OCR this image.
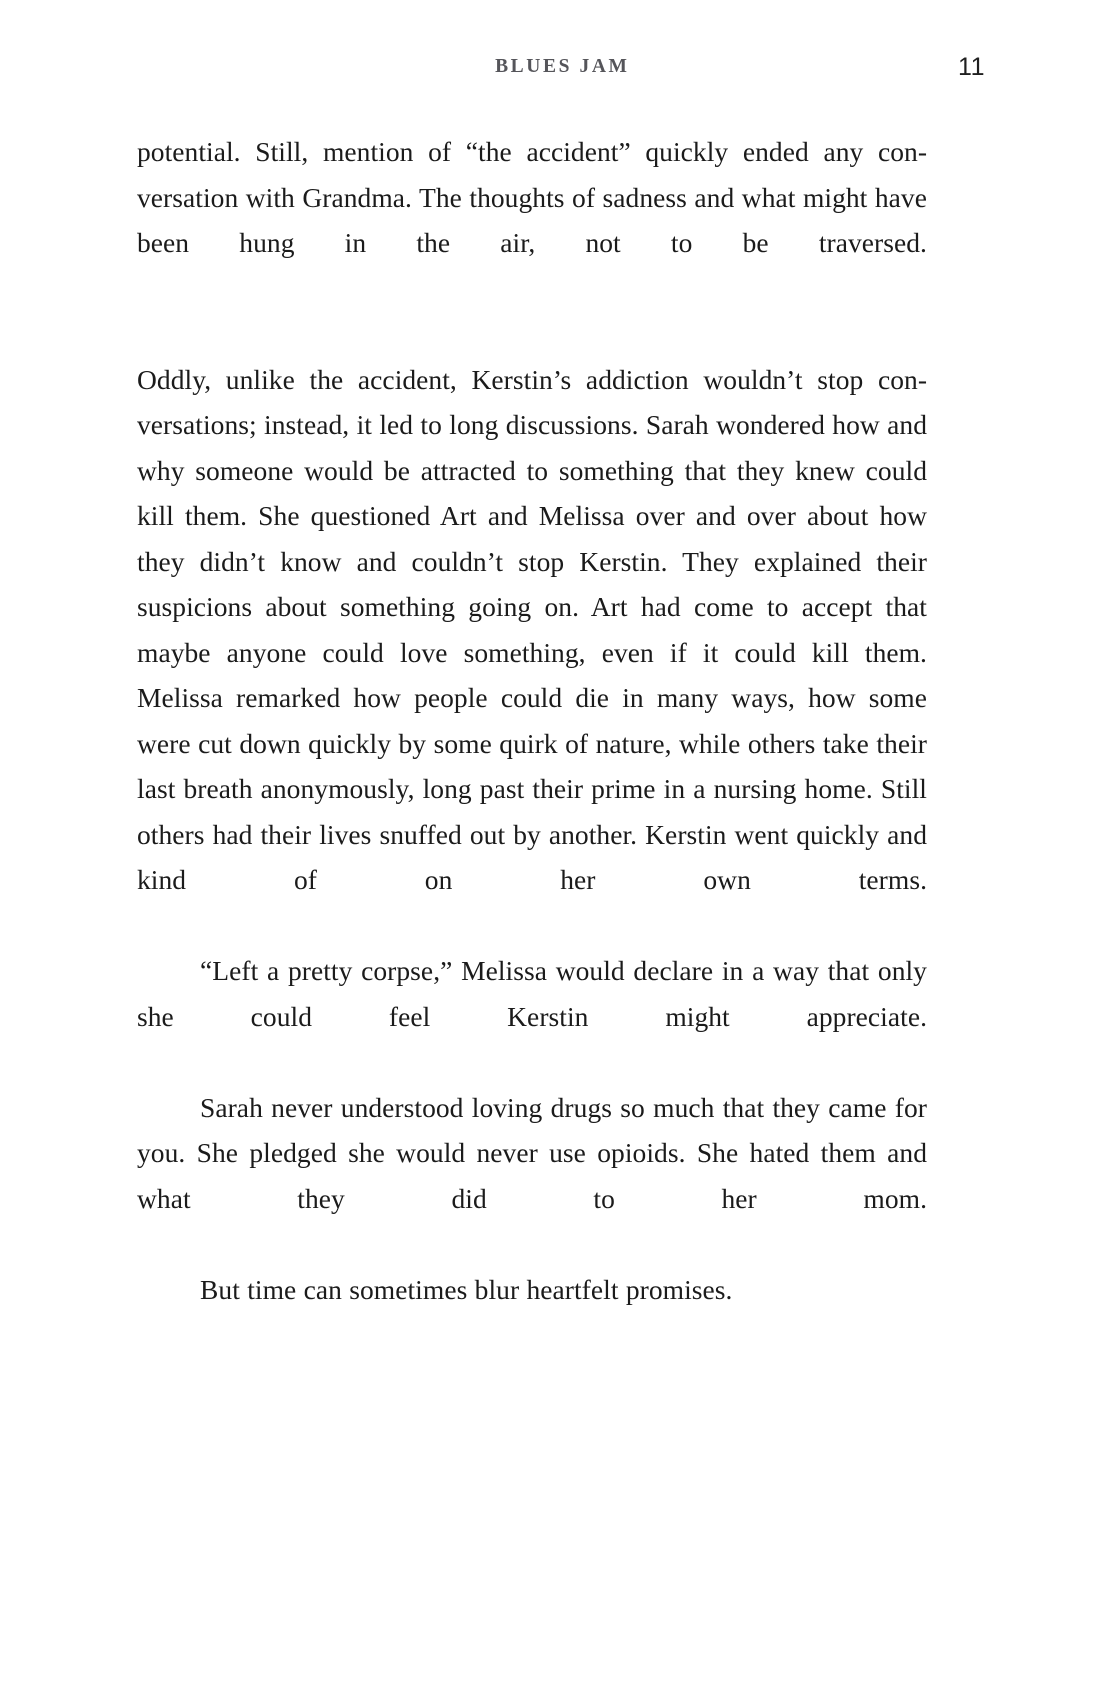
BLUES JAM	11

potential. Still, mention of “the accident” quickly ended any conversation with Grandma. The thoughts of sadness and what might have been hung in the air, not to be traversed.

Oddly, unlike the accident, Kerstin’s addiction wouldn’t stop conversations; instead, it led to long discussions. Sarah wondered how and why someone would be attracted to something that they knew could kill them. She questioned Art and Melissa over and over about how they didn’t know and couldn’t stop Kerstin. They explained their suspicions about something going on. Art had come to accept that maybe anyone could love something, even if it could kill them. Melissa remarked how people could die in many ways, how some were cut down quickly by some quirk of nature, while others take their last breath anonymously, long past their prime in a nursing home. Still others had their lives snuffed out by another. Kerstin went quickly and kind of on her own terms.

“Left a pretty corpse,” Melissa would declare in a way that only she could feel Kerstin might appreciate.

Sarah never understood loving drugs so much that they came for you. She pledged she would never use opioids. She hated them and what they did to her mom.

But time can sometimes blur heartfelt promises.
